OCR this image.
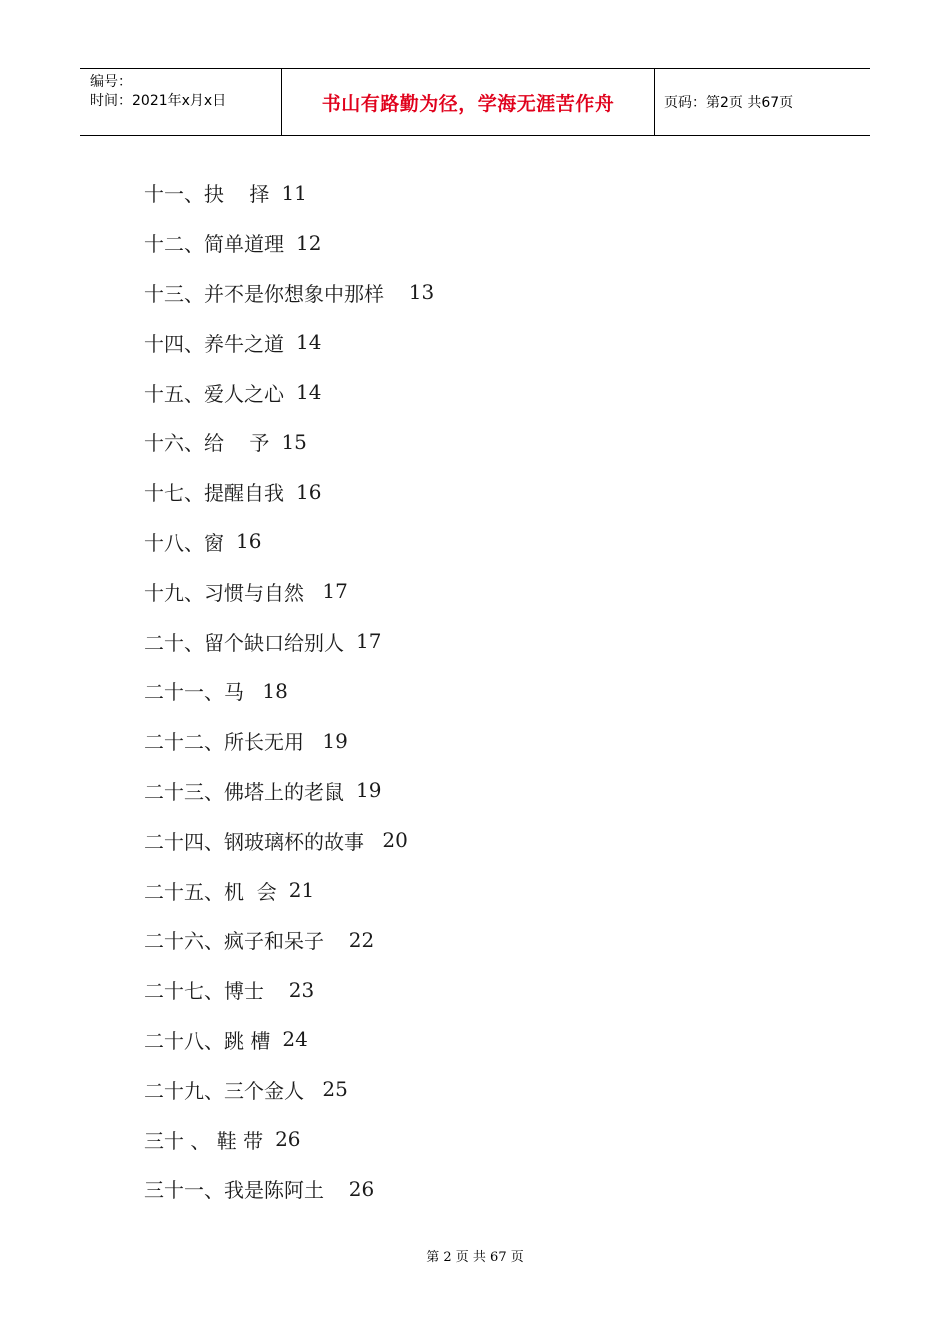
编号：
时间：2021年x月x日	书山有路勤为径，学海无涯苦作舟	页码：第2页 共67页
十一、抉    择 11
十二、简单道理 12
十三、并不是你想象中那样 13
十四、养牛之道 14
十五、爱人之心 14
十六、给    予 15
十七、提醒自我 16
十八、窗 16
十九、习惯与自然 17
二十、留个缺口给别人 17
二十一、马 18
二十二、所长无用 19
二十三、佛塔上的老鼠 19
二十四、钢玻璃杯的故事 20
二十五、机  会 21
二十六、疯子和呆子 22
二十七、博士 23
二十八、跳 槽 24
二十九、三个金人 25
三十 、 鞋 带 26
三十一、我是陈阿土 26
第 2 页 共 67 页
